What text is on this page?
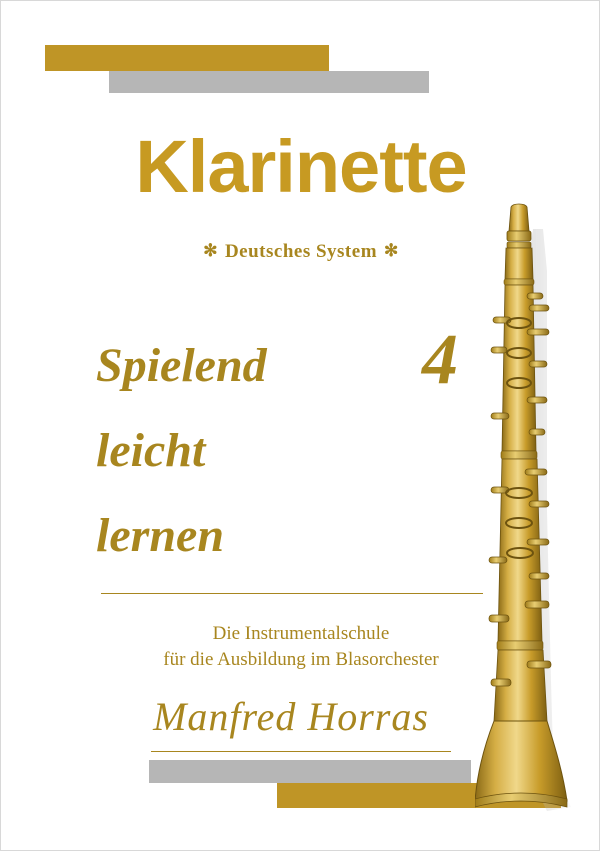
Klarinette
✻ Deutsches System ✻
Spielend
leicht
lernen
4
Die Instrumentalschule
für die Ausbildung im Blasorchester
Manfred Horras
